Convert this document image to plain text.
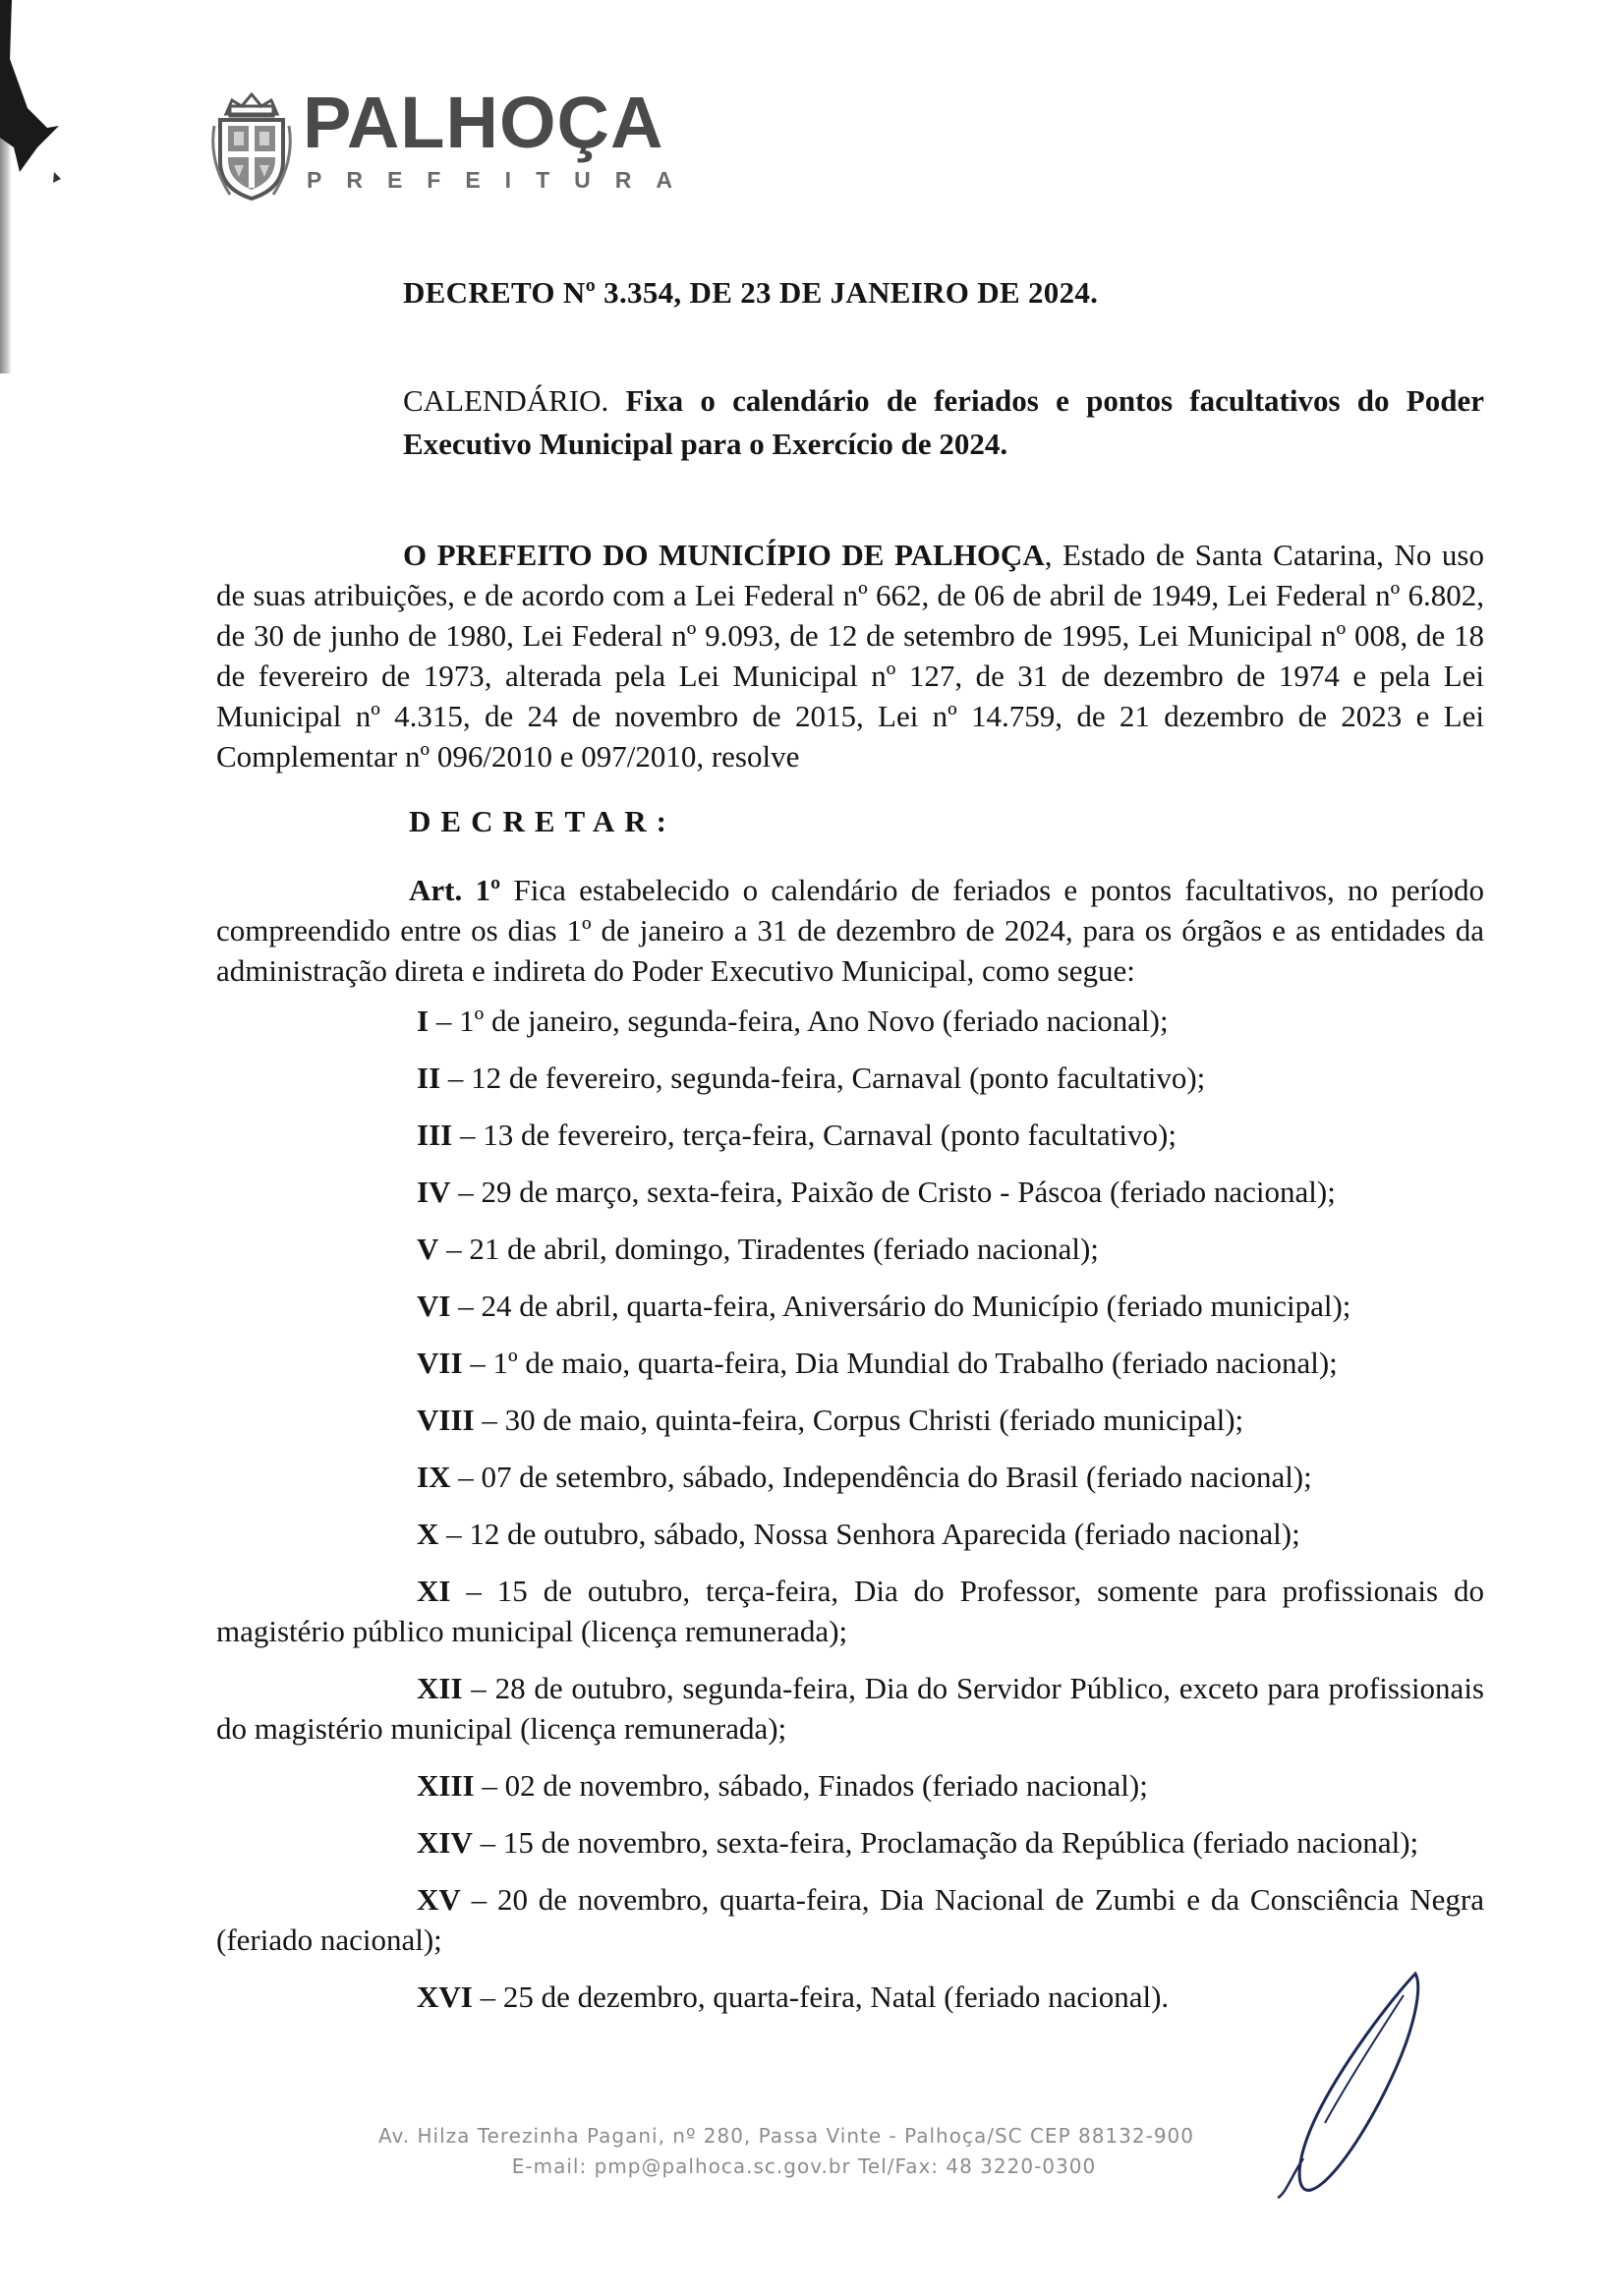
PALHOÇA
PREFEITURA
DECRETO Nº 3.354, DE 23 DE JANEIRO DE 2024.

CALENDÁRIO. Fixa o calendário de feriados e pontos facultativos do Poder Executivo Municipal para o Exercício de 2024.

O PREFEITO DO MUNICÍPIO DE PALHOÇA, Estado de Santa Catarina, No uso de suas atribuições, e de acordo com a Lei Federal nº 662, de 06 de abril de 1949, Lei Federal nº 6.802, de 30 de junho de 1980, Lei Federal nº 9.093, de 12 de setembro de 1995, Lei Municipal nº 008, de 18 de fevereiro de 1973, alterada pela Lei Municipal nº 127, de 31 de dezembro de 1974 e pela Lei Municipal nº 4.315, de 24 de novembro de 2015, Lei nº 14.759, de 21 dezembro de 2023 e Lei Complementar nº 096/2010 e 097/2010, resolve

DECRETAR:

Art. 1º Fica estabelecido o calendário de feriados e pontos facultativos, no período compreendido entre os dias 1º de janeiro a 31 de dezembro de 2024, para os órgãos e as entidades da administração direta e indireta do Poder Executivo Municipal, como segue:

I – 1º de janeiro, segunda-feira, Ano Novo (feriado nacional);
II – 12 de fevereiro, segunda-feira, Carnaval (ponto facultativo);
III – 13 de fevereiro, terça-feira, Carnaval (ponto facultativo);
IV – 29 de março, sexta-feira, Paixão de Cristo - Páscoa (feriado nacional);
V – 21 de abril, domingo, Tiradentes (feriado nacional);
VI – 24 de abril, quarta-feira, Aniversário do Município (feriado municipal);
VII – 1º de maio, quarta-feira, Dia Mundial do Trabalho (feriado nacional);
VIII – 30 de maio, quinta-feira, Corpus Christi (feriado municipal);
IX – 07 de setembro, sábado, Independência do Brasil (feriado nacional);
X – 12 de outubro, sábado, Nossa Senhora Aparecida (feriado nacional);
XI – 15 de outubro, terça-feira, Dia do Professor, somente para profissionais do magistério público municipal (licença remunerada);
XII – 28 de outubro, segunda-feira, Dia do Servidor Público, exceto para profissionais do magistério municipal (licença remunerada);
XIII – 02 de novembro, sábado, Finados (feriado nacional);
XIV – 15 de novembro, sexta-feira, Proclamação da República (feriado nacional);
XV – 20 de novembro, quarta-feira, Dia Nacional de Zumbi e da Consciência Negra (feriado nacional);
XVI – 25 de dezembro, quarta-feira, Natal (feriado nacional).
Av. Hilza Terezinha Pagani, nº 280, Passa Vinte - Palhoça/SC CEP 88132-900
E-mail: pmp@palhoca.sc.gov.br Tel/Fax: 48 3220-0300
